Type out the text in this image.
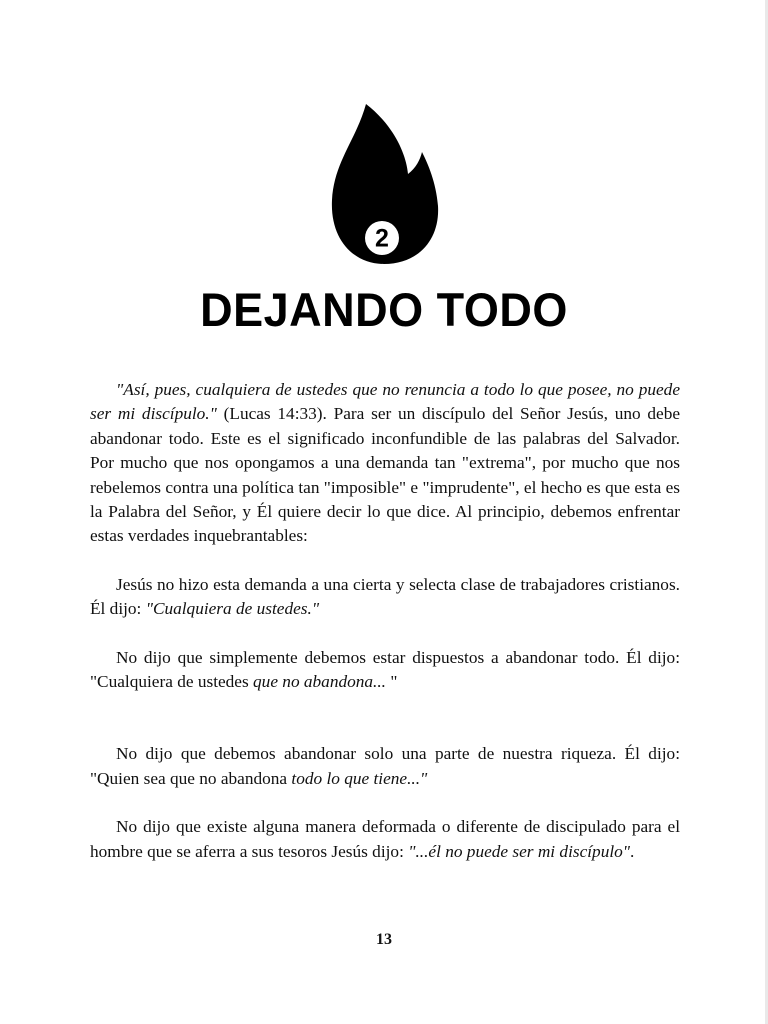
2
DEJANDO TODO

"Así, pues, cualquiera de ustedes que no renuncia a todo lo que posee, no puede ser mi discípulo." (Lucas 14:33). Para ser un discípulo del Señor Jesús, uno debe abandonar todo. Este es el significado inconfundible de las palabras del Salvador. Por mucho que nos opongamos a una demanda tan "extrema", por mucho que nos rebelemos contra una política tan "imposible" e "imprudente", el hecho es que esta es la Palabra del Señor, y Él quiere decir lo que dice. Al principio, debemos enfrentar estas verdades inquebrantables:

Jesús no hizo esta demanda a una cierta y selecta clase de trabajadores cristianos. Él dijo: "Cualquiera de ustedes."

No dijo que simplemente debemos estar dispuestos a abandonar todo. Él dijo: "Cualquiera de ustedes que no abandona... "

No dijo que debemos abandonar solo una parte de nuestra riqueza. Él dijo: "Quien sea que no abandona todo lo que tiene..."

No dijo que existe alguna manera deformada o diferente de discipulado para el hombre que se aferra a sus tesoros Jesús dijo: "...él no puede ser mi discípulo".

13
